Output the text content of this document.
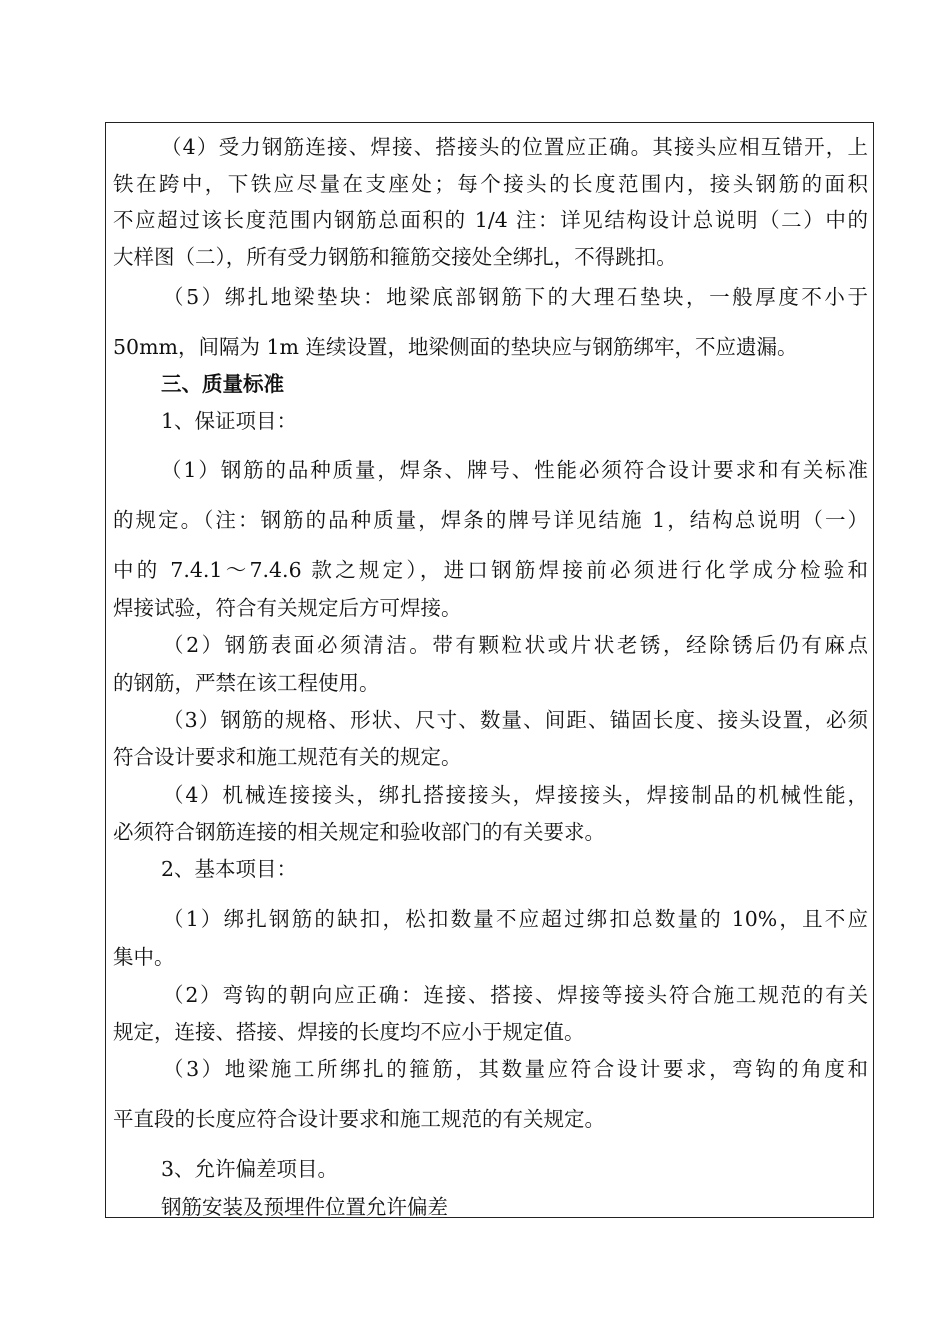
（4）受力钢筋连接、焊接、搭接头的位置应正确。其接头应相互错开，上
铁在跨中，下铁应尽量在支座处；每个接头的长度范围内，接头钢筋的面积
不应超过该长度范围内钢筋总面积的 1/4 注：详见结构设计总说明（二）中的
大样图（二），所有受力钢筋和箍筋交接处全绑扎，不得跳扣。
（5）绑扎地梁垫块：地梁底部钢筋下的大理石垫块，一般厚度不小于
50mm，间隔为 1m 连续设置，地梁侧面的垫块应与钢筋绑牢，不应遗漏。
三、质量标准
1、保证项目：
（1）钢筋的品种质量，焊条、牌号、性能必须符合设计要求和有关标准
的规定。（注：钢筋的品种质量，焊条的牌号详见结施 1，结构总说明（一）
中的 7.4.1～7.4.6 款之规定），进口钢筋焊接前必须进行化学成分检验和
焊接试验，符合有关规定后方可焊接。
（2）钢筋表面必须清洁。带有颗粒状或片状老锈，经除锈后仍有麻点
的钢筋，严禁在该工程使用。
（3）钢筋的规格、形状、尺寸、数量、间距、锚固长度、接头设置，必须
符合设计要求和施工规范有关的规定。
（4）机械连接接头，绑扎搭接接头，焊接接头，焊接制品的机械性能，
必须符合钢筋连接的相关规定和验收部门的有关要求。
2、基本项目：
（1）绑扎钢筋的缺扣，松扣数量不应超过绑扣总数量的 10%，且不应
集中。
（2）弯钩的朝向应正确：连接、搭接、焊接等接头符合施工规范的有关
规定，连接、搭接、焊接的长度均不应小于规定值。
（3）地梁施工所绑扎的箍筋，其数量应符合设计要求，弯钩的角度和
平直段的长度应符合设计要求和施工规范的有关规定。
3、允许偏差项目。
钢筋安装及预埋件位置允许偏差
